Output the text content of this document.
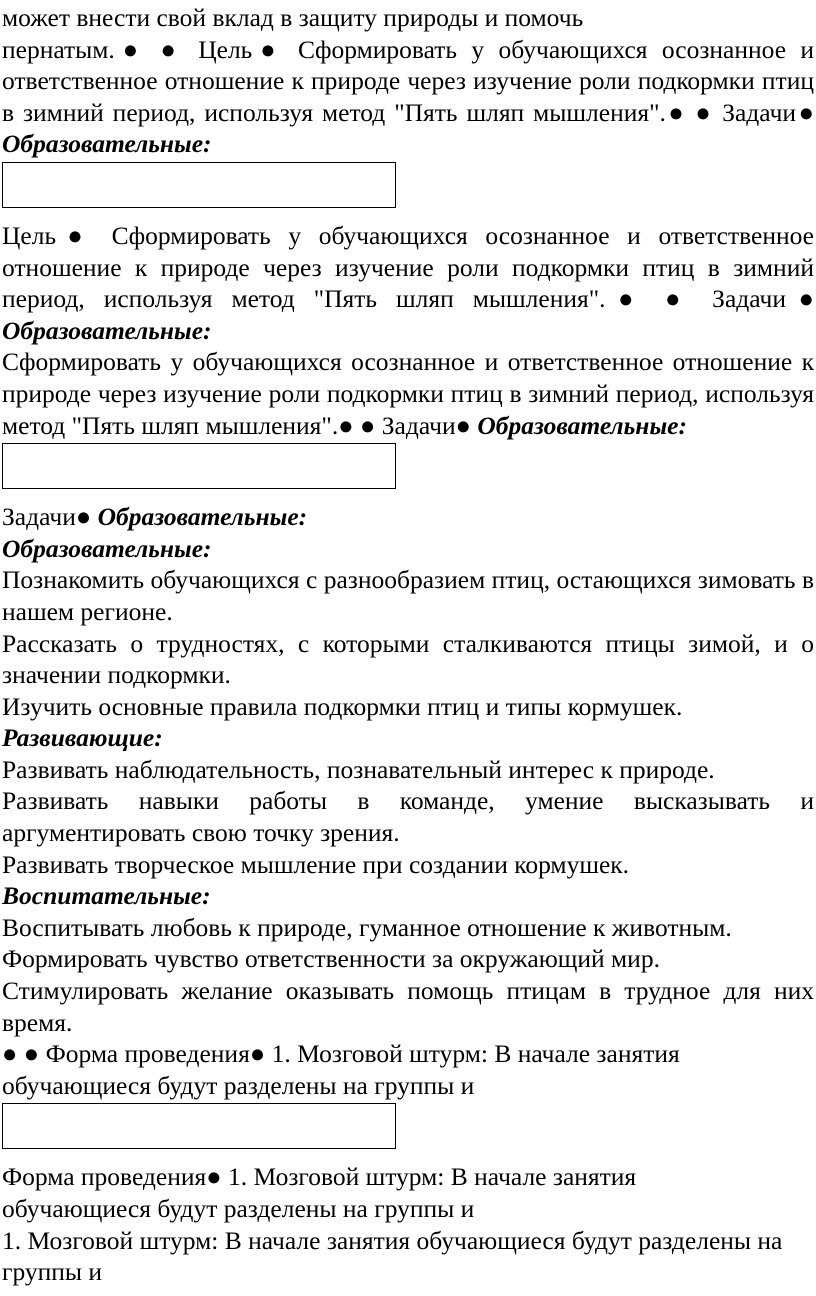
может внести свой вклад в защиту природы и помочь

пернатым.● ● Цель● Сформировать у обучающихся осознанное и ответственное отношение к природе через изучение роли подкормки птиц в зимний период, используя метод "Пять шляп мышления".● ● Задачи● Образовательные:

Цель● Сформировать у обучающихся осознанное и ответственное отношение к природе через изучение роли подкормки птиц в зимний период, используя метод "Пять шляп мышления".● ● Задачи● Образовательные:

Сформировать у обучающихся осознанное и ответственное отношение к природе через изучение роли подкормки птиц в зимний период, используя метод "Пять шляп мышления".● ● Задачи● Образовательные:

Задачи● Образовательные:

Образовательные:

Познакомить обучающихся с разнообразием птиц, остающихся зимовать в нашем регионе.

Рассказать о трудностях, с которыми сталкиваются птицы зимой, и о значении подкормки.

Изучить основные правила подкормки птиц и типы кормушек.

Развивающие:

Развивать наблюдательность, познавательный интерес к природе.

Развивать навыки работы в команде, умение высказывать и аргументировать свою точку зрения.

Развивать творческое мышление при создании кормушек.

Воспитательные:

Воспитывать любовь к природе, гуманное отношение к животным.

Формировать чувство ответственности за окружающий мир.

Стимулировать желание оказывать помощь птицам в трудное для них время.

● ● Форма проведения● 1. Мозговой штурм: В начале занятия
обучающиеся будут разделены на группы и

Форма проведения● 1. Мозговой штурм: В начале занятия
обучающиеся будут разделены на группы и

1. Мозговой штурм: В начале занятия обучающиеся будут разделены на группы и
